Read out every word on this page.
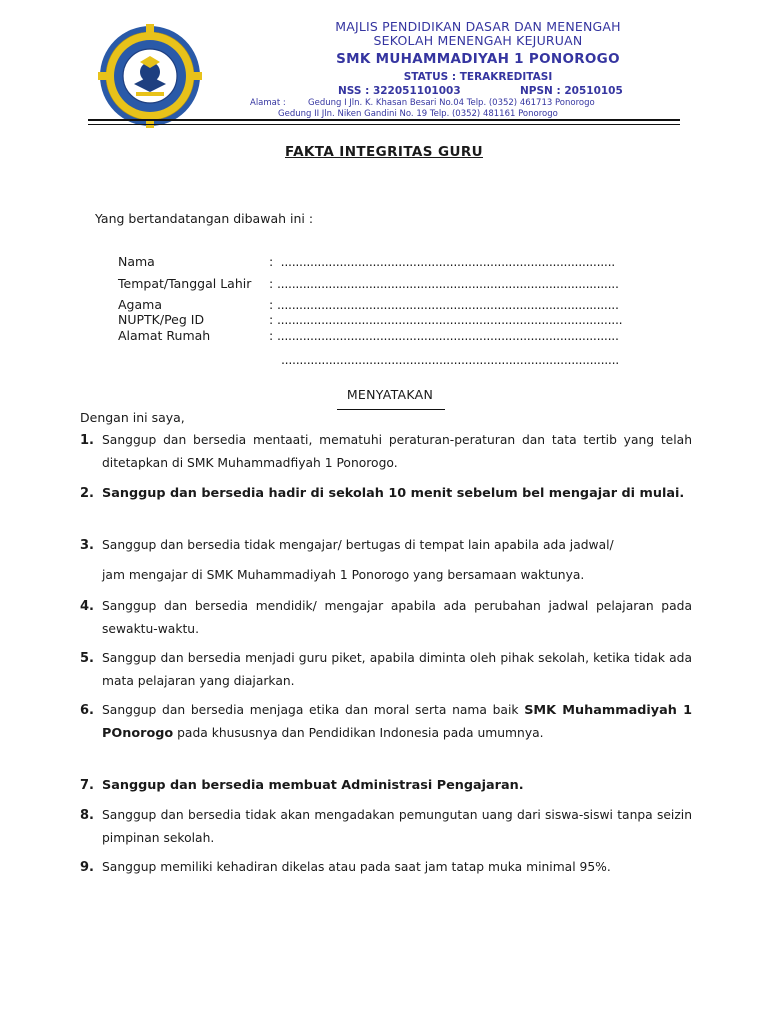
MAJLIS PENDIDIKAN DASAR DAN MENENGAH
SEKOLAH MENENGAH KEJURUAN
SMK MUHAMMADIYAH 1 PONOROGO
STATUS : TERAKREDITASI
NSS : 322051101003	NPSN : 20510105
Alamat :	Gedung I Jln. K. Khasan Besari No.04 Telp. (0352) 461713 Ponorogo
Gedung II Jln. Niken Gandini No. 19 Telp. (0352) 481161 Ponorogo
FAKTA INTEGRITAS GURU
Yang bertandatangan dibawah ini :
Nama	: ...........................................................................................
Tempat/Tanggal Lahir : .............................................................................................
Agama	: .............................................................................................
NUPTK/Peg ID	: ..............................................................................................
Alamat Rumah	: .............................................................................................
............................................................................................
MENYATAKAN
Dengan ini saya,
1. Sanggup dan bersedia mentaati, mematuhi peraturan-peraturan dan tata tertib yang telah ditetapkan di SMK Muhammadfiyah 1 Ponorogo.
2. Sanggup dan bersedia hadir di sekolah 10 menit sebelum bel mengajar di mulai.
3. Sanggup dan bersedia tidak mengajar/ bertugas di tempat lain apabila ada jadwal/
jam mengajar di SMK Muhammadiyah 1 Ponorogo yang bersamaan waktunya.
4. Sanggup dan bersedia mendidik/ mengajar apabila ada perubahan jadwal pelajaran pada sewaktu-waktu.
5. Sanggup dan bersedia menjadi guru piket, apabila diminta oleh pihak sekolah, ketika tidak ada mata pelajaran yang diajarkan.
6. Sanggup dan bersedia menjaga etika dan moral serta nama baik SMK Muhammadiyah 1 POnorogo pada khususnya dan Pendidikan Indonesia pada umumnya.
7. Sanggup dan bersedia membuat Administrasi Pengajaran.
8. Sanggup dan bersedia tidak akan mengadakan pemungutan uang dari siswa-siswi tanpa seizin pimpinan sekolah.
9. Sanggup memiliki kehadiran dikelas atau pada saat jam tatap muka minimal 95%.
